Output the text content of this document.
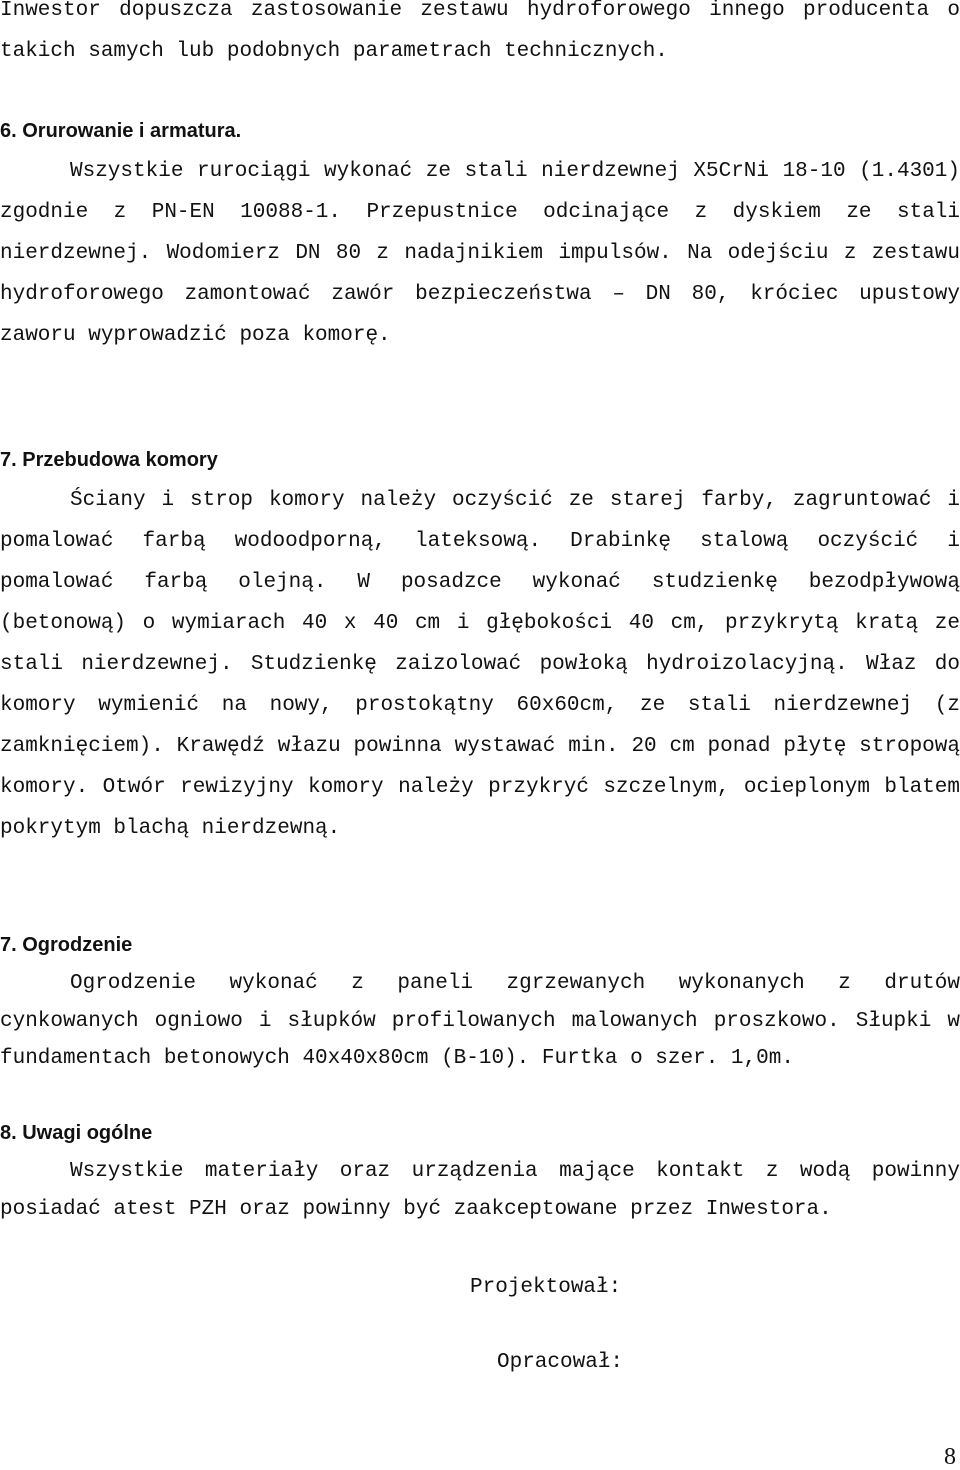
Inwestor dopuszcza zastosowanie zestawu hydroforowego innego producenta o takich samych lub podobnych parametrach technicznych.

6. Orurowanie i armatura.

Wszystkie rurociągi wykonać ze stali nierdzewnej X5CrNi 18-10 (1.4301) zgodnie z PN-EN 10088-1. Przepustnice odcinające z dyskiem ze stali nierdzewnej. Wodomierz DN 80 z nadajnikiem impulsów. Na odejściu z zestawu hydroforowego zamontować zawór bezpieczeństwa – DN 80, króciec upustowy zaworu wyprowadzić poza komorę.

7. Przebudowa komory

Ściany i strop komory należy oczyścić ze starej farby, zagruntować i pomalować farbą wodoodporną, lateksową. Drabinkę stalową oczyścić i pomalować farbą olejną. W posadzce wykonać studzienkę bezodpływową (betonową) o wymiarach 40 x 40 cm i głębokości 40 cm, przykrytą kratą ze stali nierdzewnej. Studzienkę zaizolować powłoką hydroizolacyjną. Właz do komory wymienić na nowy, prostokątny 60x60cm, ze stali nierdzewnej (z zamknięciem). Krawędź włazu powinna wystawać min. 20 cm ponad płytę stropową komory. Otwór rewizyjny komory należy przykryć szczelnym, ocieplonym blatem pokrytym blachą nierdzewną.

7. Ogrodzenie

Ogrodzenie wykonać z paneli zgrzewanych wykonanych z drutów cynkowanych ogniowo i słupków profilowanych malowanych proszkowo. Słupki w fundamentach betonowych 40x40x80cm (B-10). Furtka o szer. 1,0m.

8. Uwagi ogólne

Wszystkie materiały oraz urządzenia mające kontakt z wodą powinny posiadać atest PZH oraz powinny być zaakceptowane przez Inwestora.

Projektował:
Opracował:
8
